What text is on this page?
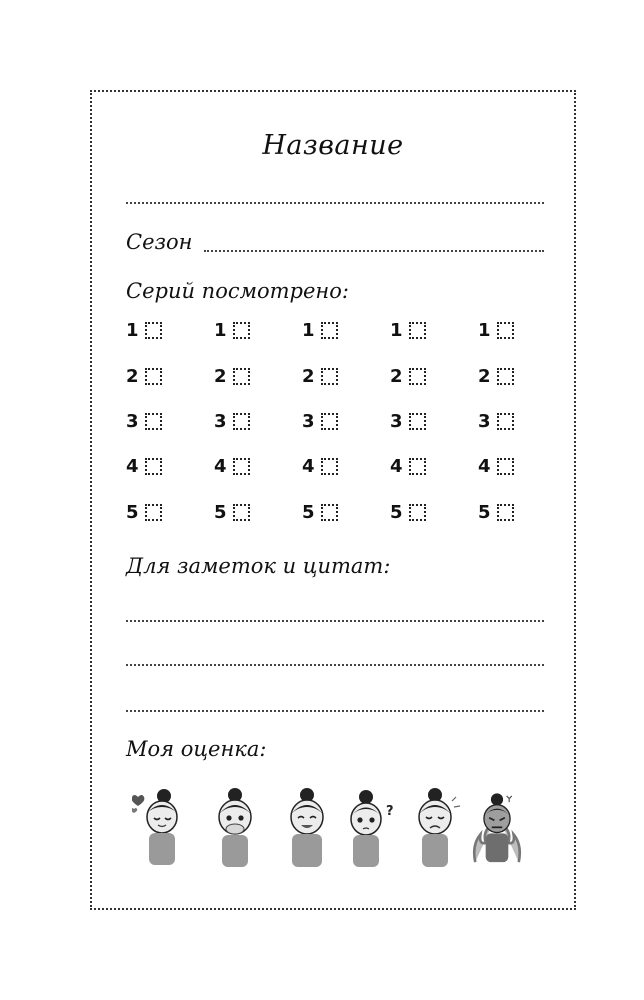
Название
Сезон
Серий посмотрено:
1
2
3
4
5
1
2
3
4
5
1
2
3
4
5
1
2
3
4
5
1
2
3
4
5
Для заметок и цитат:
Моя оценка:
?
